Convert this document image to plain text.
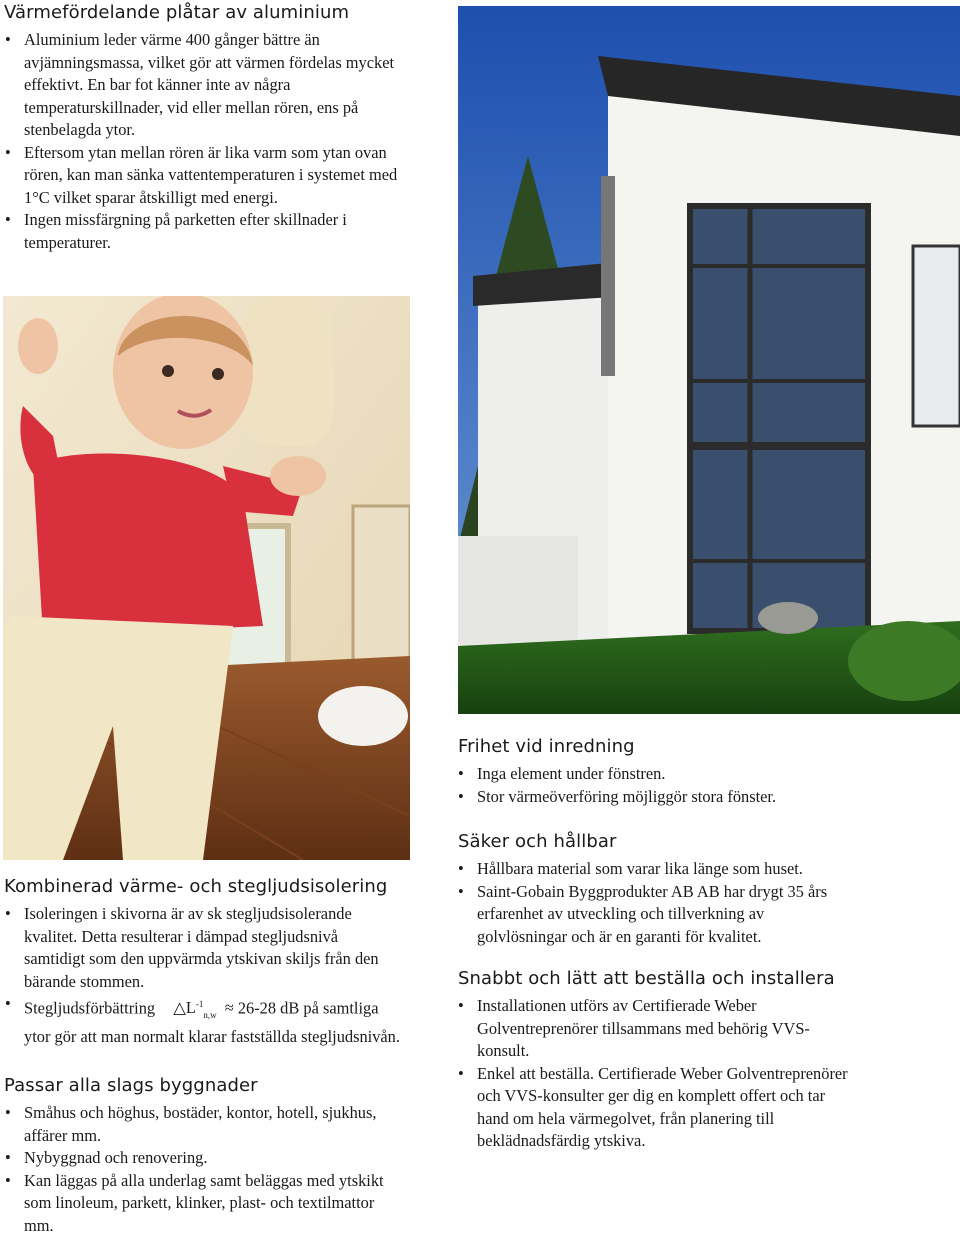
Värmefördelande plåtar av aluminium
• Aluminium leder värme 400 gånger bättre än avjämningsmassa, vilket gör att värmen fördelas mycket effektivt. En bar fot känner inte av några temperaturskillnader, vid eller mellan rören, ens på stenbelagda ytor.
• Eftersom ytan mellan rören är lika varm som ytan ovan rören, kan man sänka vattentemperaturen i systemet med 1°C vilket sparar åtskilligt med energi.
• Ingen missfärgning på parketten efter skillnader i temperaturer.
Frihet vid inredning
• Inga element under fönstren.
• Stor värmeöverföring möjliggör stora fönster.
Säker och hållbar
• Hållbara material som varar lika länge som huset.
• Saint-Gobain Byggprodukter AB AB har drygt 35 års erfarenhet av utveckling och tillverkning av golvlösningar och är en garanti för kvalitet.
Snabbt och lätt att beställa och installera
• Installationen utförs av Certifierade Weber Golventreprenörer tillsammans med behörig VVS-konsult.
• Enkel att beställa. Certifierade Weber Golventreprenörer och VVS-konsulter ger dig en komplett offert och tar hand om hela värmegolvet, från planering till beklädnadsfärdig ytskiva.
Kombinerad värme- och stegljudsisolering
• Isoleringen i skivorna är av sk stegljudsisolerande kvalitet. Detta resulterar i dämpad stegljudsnivå samtidigt som den uppvärmda ytskivan skiljs från den bärande stommen.
• Stegljudsförbättring $\triangle L^{-1}_{n,w} \approx 26-28$ dB på samtliga ytor gör att man normalt klarar fastställda stegljudsnivån.
Passar alla slags byggnader
• Småhus och höghus, bostäder, kontor, hotell, sjukhus, affärer mm.
• Nybyggnad och renovering.
• Kan läggas på alla underlag samt beläggas med ytskikt som linoleum, parkett, klinker, plast- och textilmattor mm.
